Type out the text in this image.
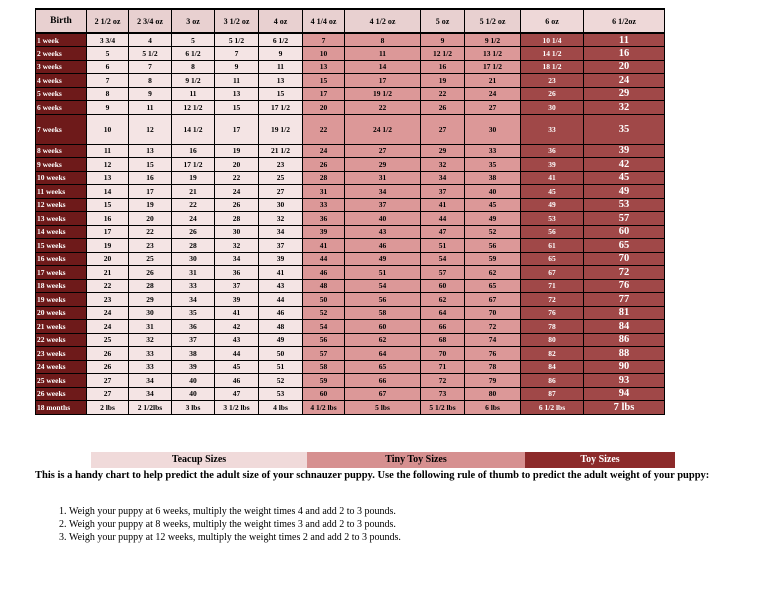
Birth	2 1/2 oz	2 3/4 oz	3 oz	3 1/2 oz	4 oz	4 1/4 oz	4 1/2 oz	5 oz	5 1/2 oz	6 oz	6 1/2oz
1 week	3 3/4	4	5	5 1/2	6 1/2	7	8	9	9 1/2	10 1/4	11
2 weeks	5	5 1/2	6 1/2	7	9	10	11	12 1/2	13 1/2	14 1/2	16
3 weeks	6	7	8	9	11	13	14	16	17 1/2	18 1/2	20
4 weeks	7	8	9 1/2	11	13	15	17	19	21	23	24
5 weeks	8	9	11	13	15	17	19 1/2	22	24	26	29
6 weeks	9	11	12 1/2	15	17 1/2	20	22	26	27	30	32
7 weeks	10	12	14 1/2	17	19 1/2	22	24 1/2	27	30	33	35
8 weeks	11	13	16	19	21 1/2	24	27	29	33	36	39
9 weeks	12	15	17 1/2	20	23	26	29	32	35	39	42
10 weeks	13	16	19	22	25	28	31	34	38	41	45
11 weeks	14	17	21	24	27	31	34	37	40	45	49
12 weeks	15	19	22	26	30	33	37	41	45	49	53
13 weeks	16	20	24	28	32	36	40	44	49	53	57
14 weeks	17	22	26	30	34	39	43	47	52	56	60
15 weeks	19	23	28	32	37	41	46	51	56	61	65
16 weeks	20	25	30	34	39	44	49	54	59	65	70
17 weeks	21	26	31	36	41	46	51	57	62	67	72
18 weeks	22	28	33	37	43	48	54	60	65	71	76
19 weeks	23	29	34	39	44	50	56	62	67	72	77
20 weeks	24	30	35	41	46	52	58	64	70	76	81
21 weeks	24	31	36	42	48	54	60	66	72	78	84
22 weeks	25	32	37	43	49	56	62	68	74	80	86
23 weeks	26	33	38	44	50	57	64	70	76	82	88
24 weeks	26	33	39	45	51	58	65	71	78	84	90
25 weeks	27	34	40	46	52	59	66	72	79	86	93
26 weeks	27	34	40	47	53	60	67	73	80	87	94
18 months	2 lbs	2 1/2lbs	3 lbs	3 1/2 lbs	4 lbs	4 1/2 lbs	5 lbs	5 1/2 lbs	6 lbs	6 1/2 lbs	7 lbs
Teacup Sizes	Tiny Toy Sizes	Toy Sizes
This is a handy chart to help predict the adult size of your schnauzer puppy. Use the following rule of thumb to predict the adult weight of your puppy:
1. Weigh your puppy at 6 weeks, multiply the weight times 4 and add 2 to 3 pounds.
2. Weigh your puppy at 8 weeks, multiply the weight times 3 and add 2 to 3 pounds.
3. Weigh your puppy at 12 weeks, multiply the weight times 2 and add 2 to 3 pounds.
